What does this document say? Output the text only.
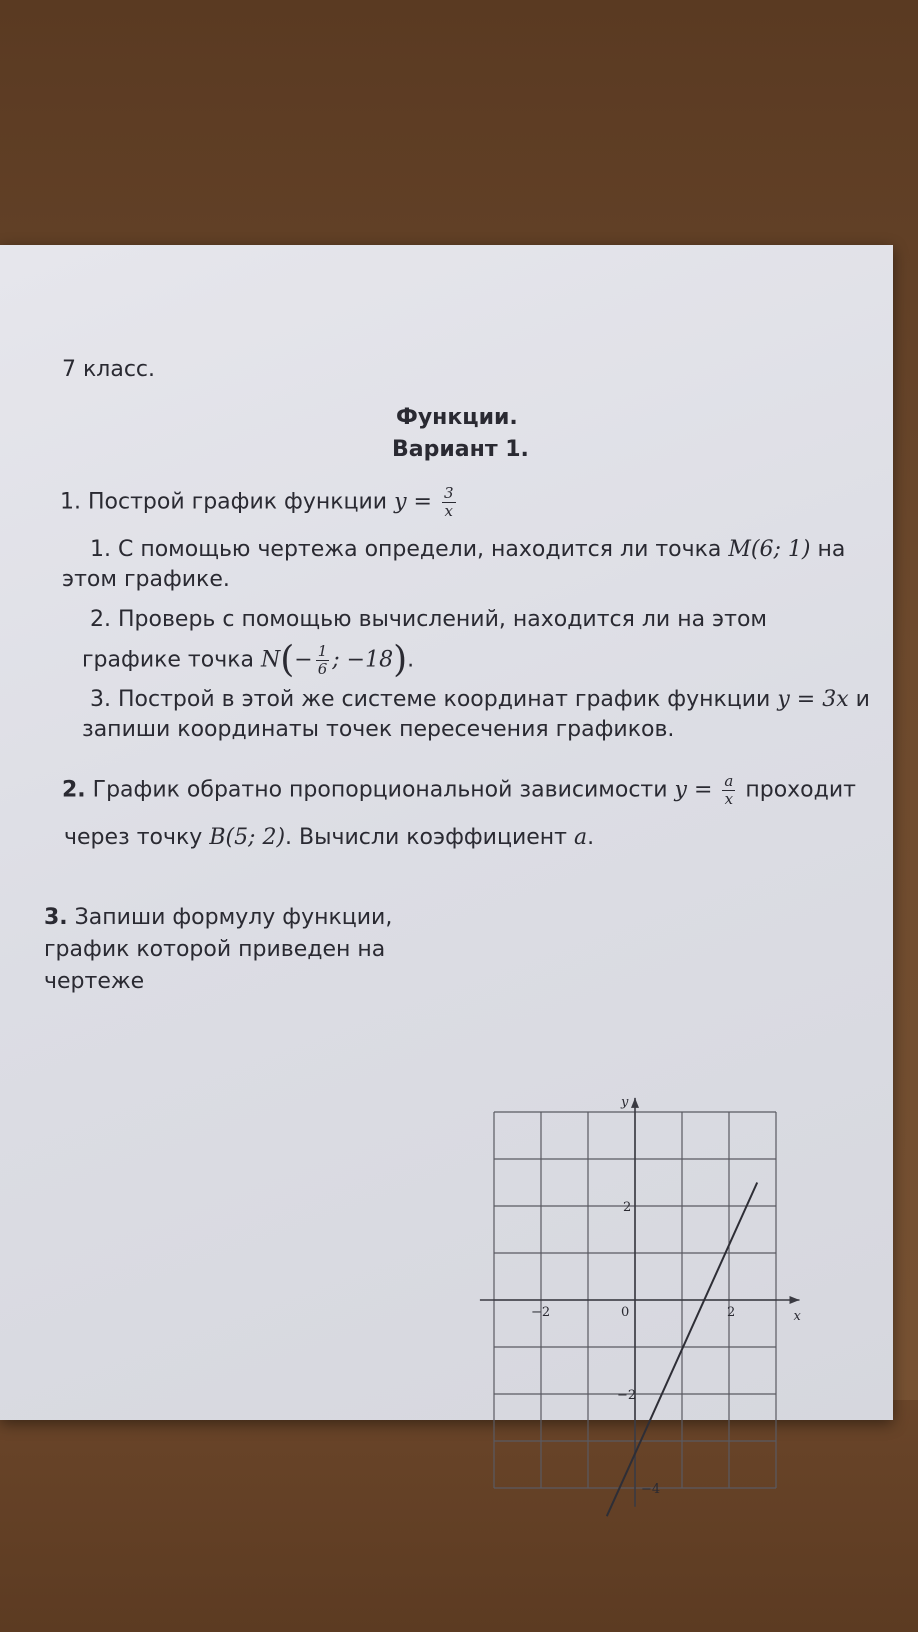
7 класс.
Функции.
Вариант 1.
1. Построй график функции $y = \frac{3}{x}$
1. С помощью чертежа определи, находится ли точка M(6; 1) на
этом графике.
2. Проверь с помощью вычислений, находится ли на этом
графике точка $N(- \frac{1}{6}$ ; −18).
3. Построй в этой же системе координат график функции y = 3x и
запиши координаты точек пересечения графиков.
2. График обратно пропорциональной зависимости $y = \frac{a}{x}$ проходит
через точку B(5; 2). Вычисли коэффициент a.
3. Запиши формулу функции,
график которой приведен на
чертеже
x
y
−2	0	2
2
−2
−4
